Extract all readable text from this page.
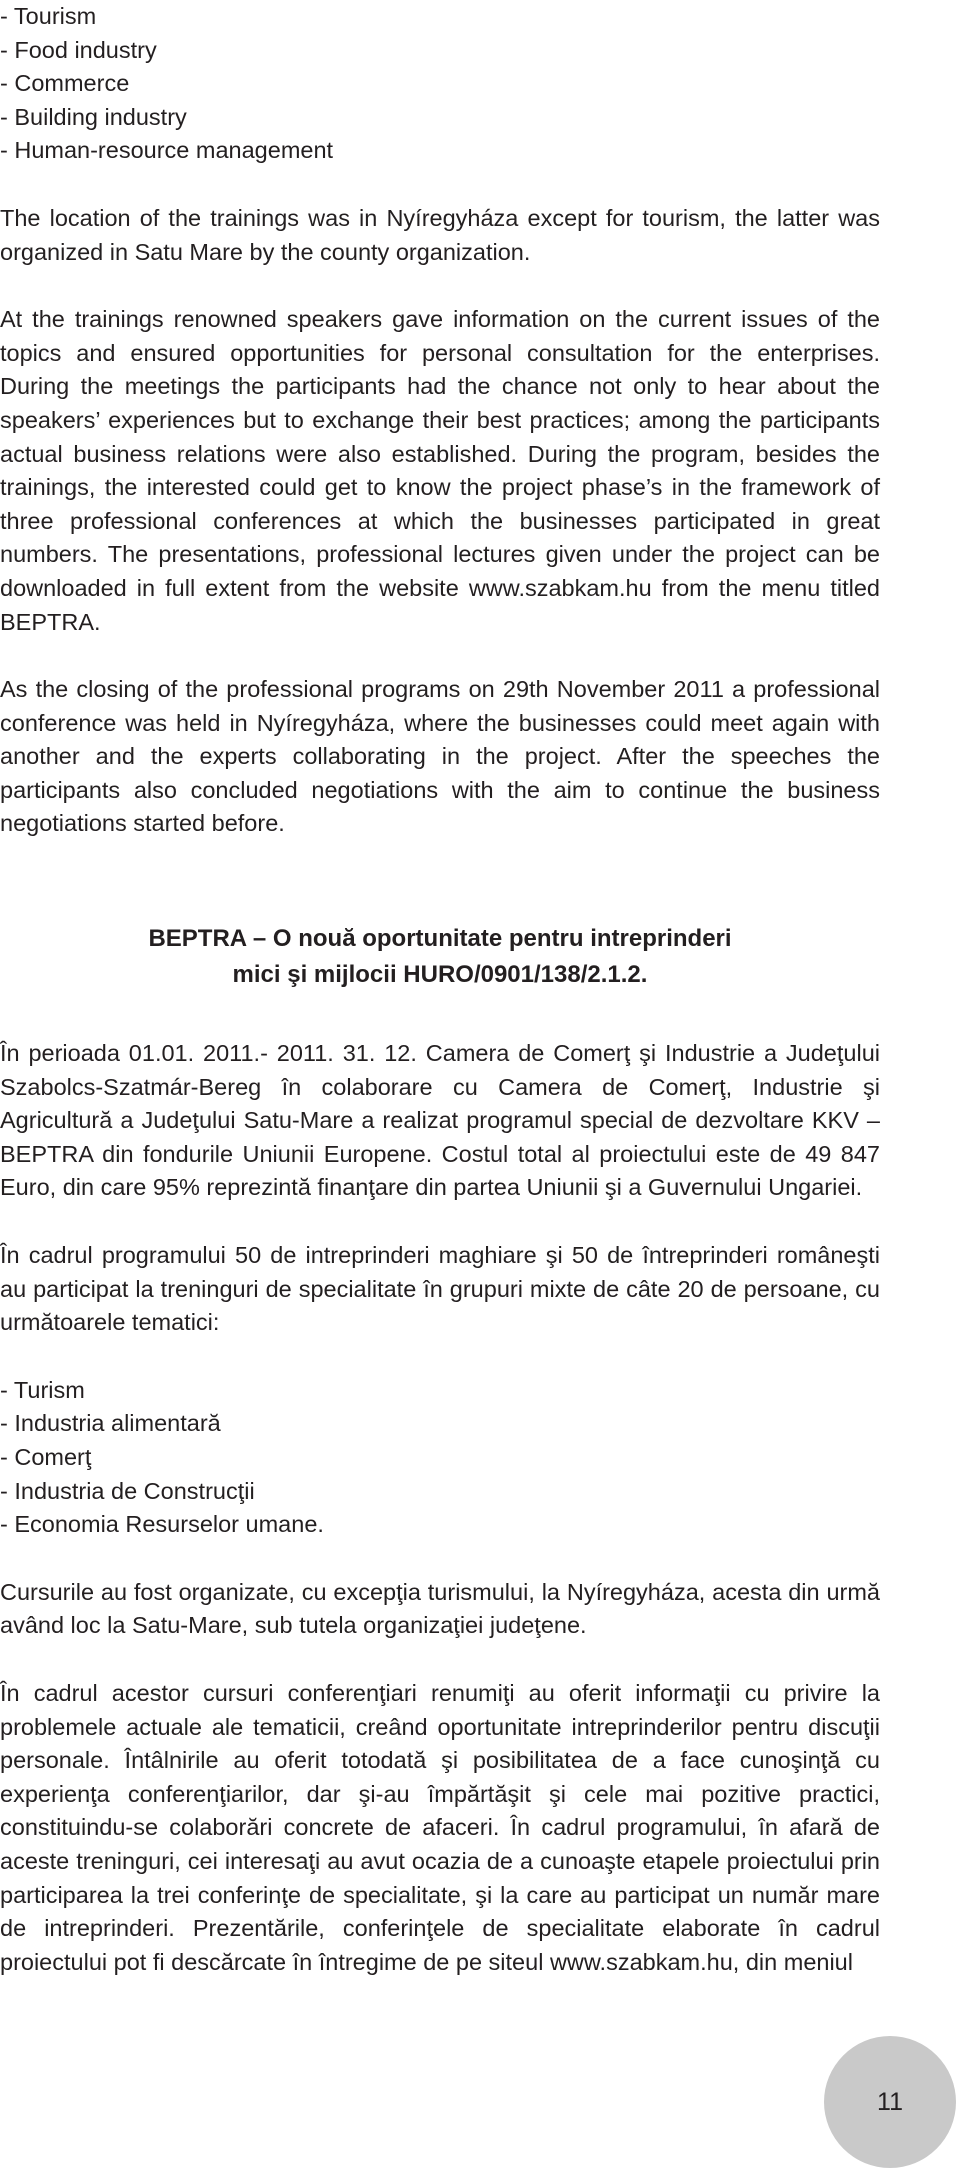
- Tourism
- Food industry
- Commerce
- Building industry
- Human-resource management

The location of the trainings was in Nyíregyháza except for tourism, the latter was organized in Satu Mare by the county organization.

At the trainings renowned speakers gave information on the current issues of the topics and ensured opportunities for personal consultation for the enterprises. During the meetings the participants had the chance not only to hear about the speakers’ experiences but to exchange their best practices; among the participants actual business relations were also established. During the program, besides the trainings, the interested could get to know the project phase’s in the framework of three professional conferences at which the businesses participated in great numbers. The presentations, professional lectures given under the project can be downloaded in full extent from the website www.szabkam.hu from the menu titled BEPTRA.

As the closing of the professional programs on 29th November 2011 a professional conference was held in Nyíregyháza, where the businesses could meet again with another and the experts collaborating in the project. After the speeches the participants also concluded negotiations with the aim to continue the business negotiations started before.

BEPTRA – O nouă oportunitate pentru intreprinderi

mici şi mijlocii HURO/0901/138/2.1.2.

În perioada 01.01. 2011.- 2011. 31. 12. Camera de Comerţ şi Industrie a Judeţului Szabolcs-Szatmár-Bereg în colaborare cu Camera de Comerţ, Industrie şi Agricultură a Judeţului Satu-Mare a realizat programul special de dezvoltare KKV – BEPTRA din fondurile Uniunii Europene. Costul total al proiectului este de 49 847 Euro, din care 95% reprezintă finanţare din partea Uniunii şi a Guvernului Ungariei.

În cadrul programului 50 de intreprinderi maghiare şi 50 de întreprinderi româneşti au participat la treninguri de specialitate în grupuri mixte de câte 20 de persoane, cu următoarele tematici:

- Turism
- Industria alimentară
- Comerţ
- Industria de Construcţii
- Economia Resurselor umane.

Cursurile au fost organizate, cu excepţia turismului, la Nyíregyháza, acesta din urmă având loc la Satu-Mare, sub tutela organizaţiei judeţene.

În cadrul acestor cursuri conferenţiari renumiţi au oferit informaţii cu privire la problemele actuale ale tematicii, creând oportunitate intreprinderilor pentru discuţii personale. Întâlnirile au oferit totodată şi posibilitatea de a face cunoşinţă cu experienţa conferenţiarilor, dar şi-au împărtăşit şi cele mai pozitive practici, constituindu-se colaborări concrete de afaceri. În cadrul programului, în afară de aceste treninguri, cei interesaţi au avut ocazia de a cunoaşte etapele proiectului prin participarea la trei conferinţe de specialitate, şi la care au participat un număr mare de intreprinderi. Prezentările, conferinţele de specialitate elaborate în cadrul proiectului pot fi descărcate în întregime de pe siteul www.szabkam.hu, din meniul

11
